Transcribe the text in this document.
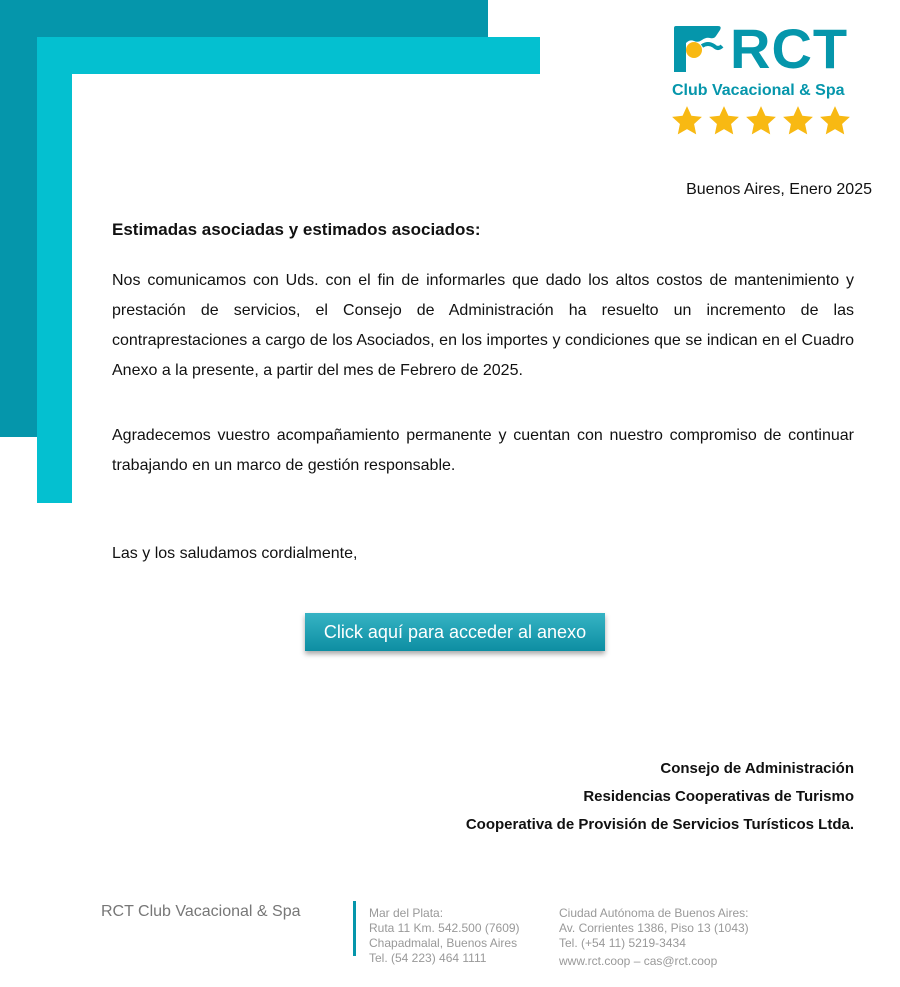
RCT
Club Vacacional & Spa
Buenos Aires, Enero 2025
Estimadas asociadas y estimados asociados:
Nos comunicamos con Uds. con el fin de informarles que dado los altos costos de mantenimiento y prestación de servicios, el Consejo de Administración ha resuelto un incremento de las contraprestaciones a cargo de los Asociados, en los importes y condiciones que se indican en el Cuadro Anexo a la presente, a partir del mes de Febrero de 2025.
Agradecemos vuestro acompañamiento permanente y cuentan con nuestro compromiso de continuar trabajando en un marco de gestión responsable.
Las y los saludamos cordialmente,
Click aquí para acceder al anexo
Consejo de Administración
Residencias Cooperativas de Turismo
Cooperativa de Provisión de Servicios Turísticos Ltda.
RCT Club Vacacional & Spa	Mar del Plata:
Ruta 11 Km. 542.500 (7609)
Chapadmalal, Buenos Aires
Tel. (54 223) 464 1111
Ciudad Autónoma de Buenos Aires:
Av. Corrientes 1386, Piso 13 (1043)
Tel. (+54 11) 5219-3434
www.rct.coop – cas@rct.coop
